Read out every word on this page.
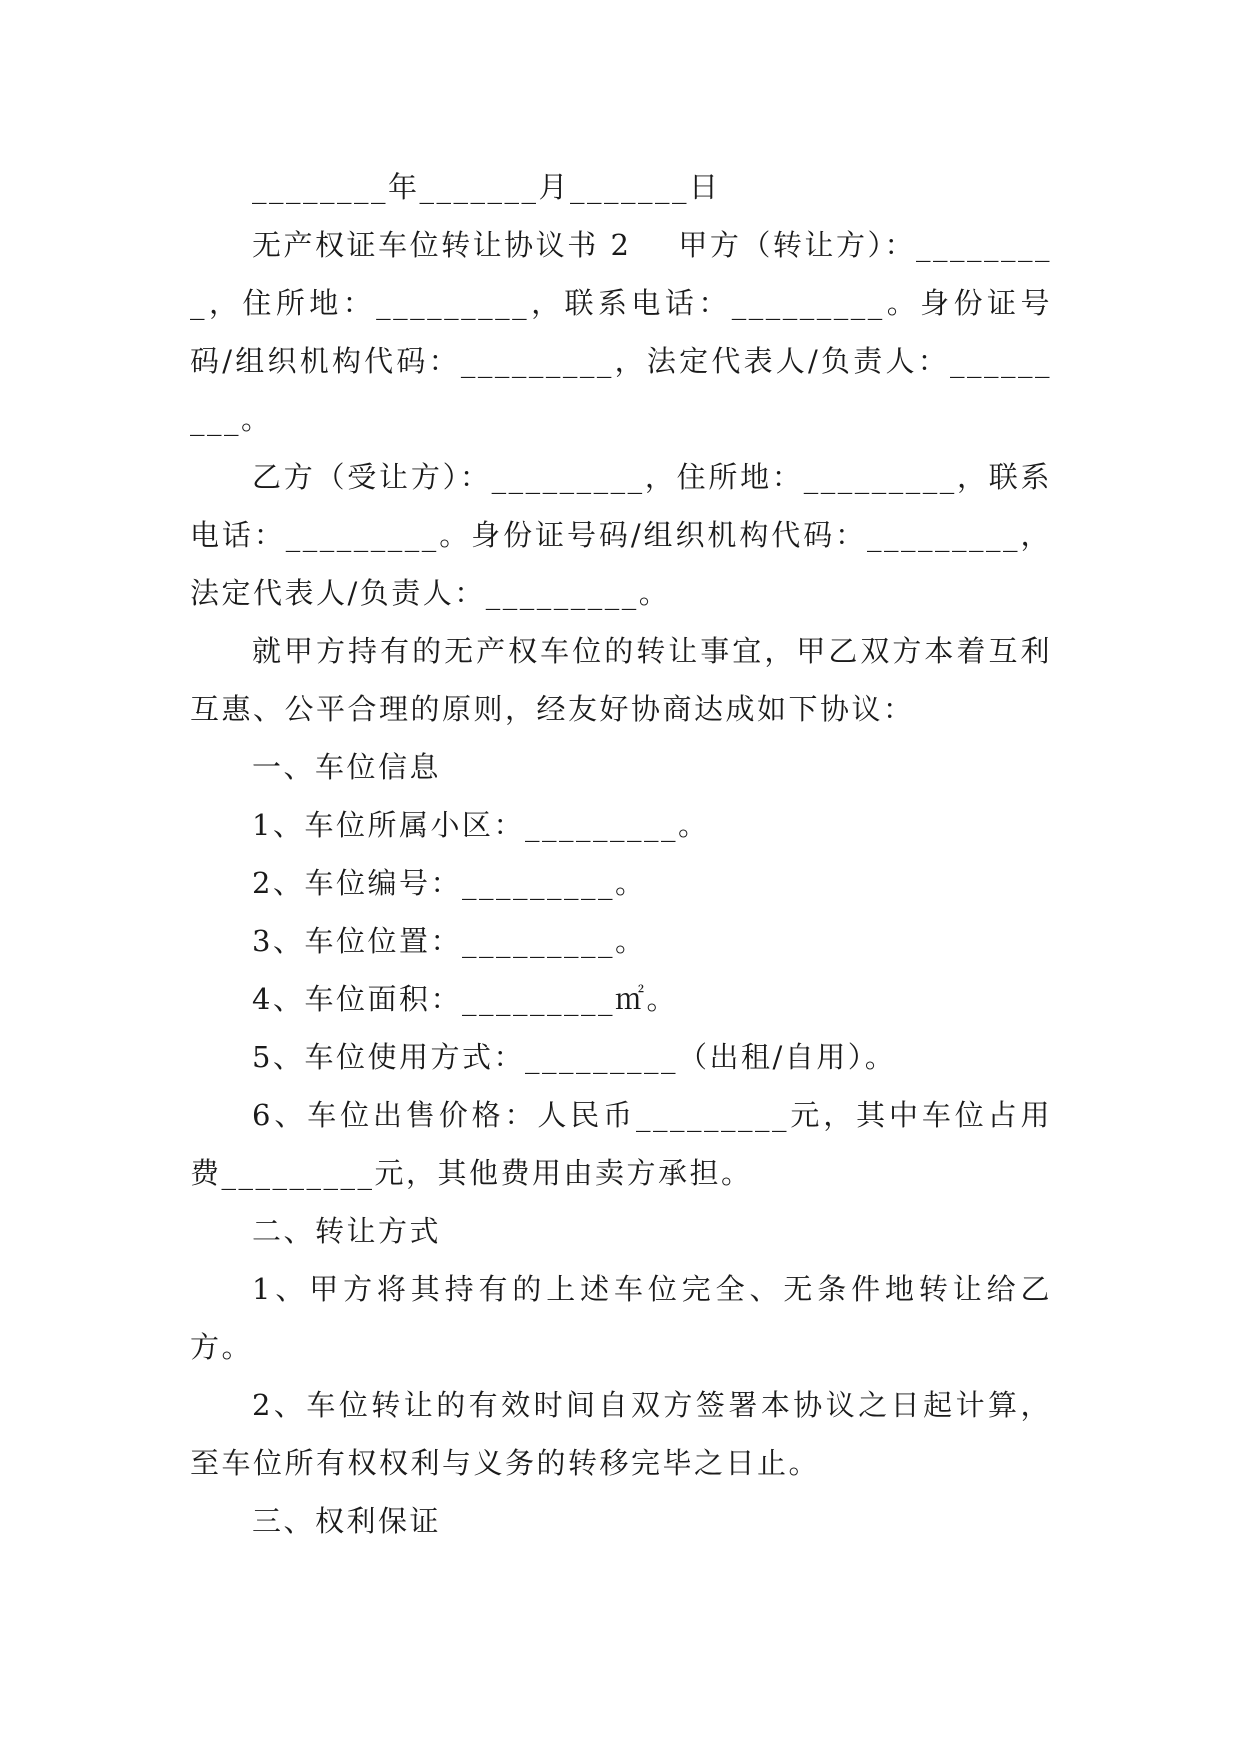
________年_______月_______日

无产权证车位转让协议书 2    甲方（转让方）：_________，住所地：_________，联系电话：_________。身份证号码/组织机构代码：_________，法定代表人/负责人：_________。

乙方（受让方）：_________，住所地：_________，联系电话：_________。身份证号码/组织机构代码：_________，法定代表人/负责人：_________。

就甲方持有的无产权车位的转让事宜，甲乙双方本着互利互惠、公平合理的原则，经友好协商达成如下协议：

一、车位信息

1、车位所属小区：_________。

2、车位编号：_________。

3、车位位置：_________。

4、车位面积：_________㎡。

5、车位使用方式：_________（出租/自用）。

6、车位出售价格：人民币_________元，其中车位占用费_________元，其他费用由卖方承担。

二、转让方式

1、甲方将其持有的上述车位完全、无条件地转让给乙方。

2、车位转让的有效时间自双方签署本协议之日起计算，至车位所有权权利与义务的转移完毕之日止。

三、权利保证
